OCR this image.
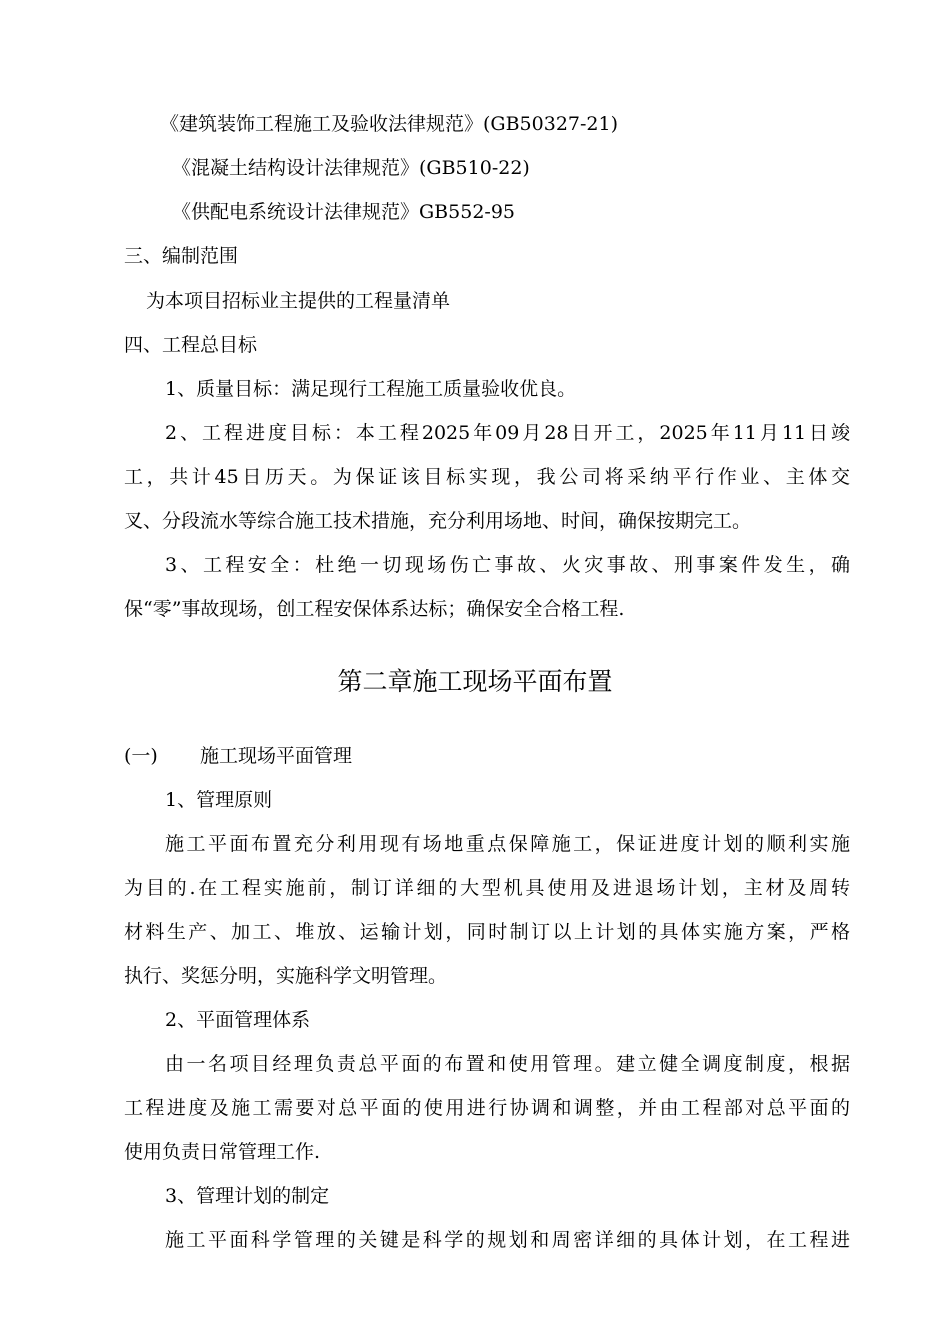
《建筑装饰工程施工及验收法律规范》(GB50327-21)

《混凝土结构设计法律规范》(GB510-22)

《供配电系统设计法律规范》GB552-95

三、编制范围

为本项目招标业主提供的工程量清单

四、工程总目标

1、质量目标：满足现行工程施工质量验收优良。

2、工程进度目标：本工程2025年09月28日开工，2025年11月11日竣

工，共计45日历天。为保证该目标实现，我公司将采纳平行作业、主体交

叉、分段流水等综合施工技术措施，充分利用场地、时间，确保按期完工。

3、工程安全：杜绝一切现场伤亡事故、火灾事故、刑事案件发生，确

保“零”事故现场，创工程安保体系达标；确保安全合格工程.

第二章施工现场平面布置

(一) 施工现场平面管理

1、管理原则

施工平面布置充分利用现有场地重点保障施工，保证进度计划的顺利实施

为目的.在工程实施前，制订详细的大型机具使用及进退场计划，主材及周转

材料生产、加工、堆放、运输计划，同时制订以上计划的具体实施方案，严格

执行、奖惩分明，实施科学文明管理。

2、平面管理体系

由一名项目经理负责总平面的布置和使用管理。建立健全调度制度，根据

工程进度及施工需要对总平面的使用进行协调和调整，并由工程部对总平面的

使用负责日常管理工作.

3、管理计划的制定

施工平面科学管理的关键是科学的规划和周密详细的具体计划，在工程进
